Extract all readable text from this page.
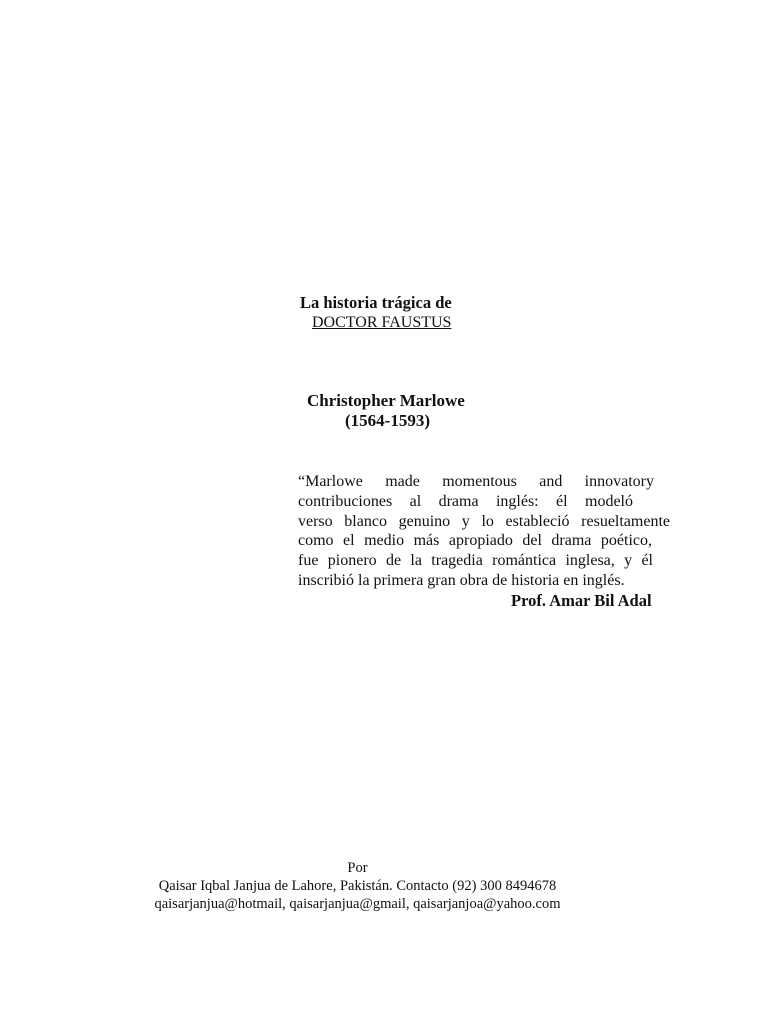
La historia trágica de
DOCTOR FAUSTUS
Christopher Marlowe
(1564-1593)
“Marlowe made momentous and innovatory
contribuciones al drama inglés: él modeló
verso blanco genuino y lo estableció resueltamente
como el medio más apropiado del drama poético,
fue pionero de la tragedia romántica inglesa, y él
inscribió la primera gran obra de historia en inglés.
Prof. Amar Bil Adal
Por
Qaisar Iqbal Janjua de Lahore, Pakistán. Contacto (92) 300 8494678
qaisarjanjua@hotmail, qaisarjanjua@gmail, qaisarjanjoa@yahoo.com
